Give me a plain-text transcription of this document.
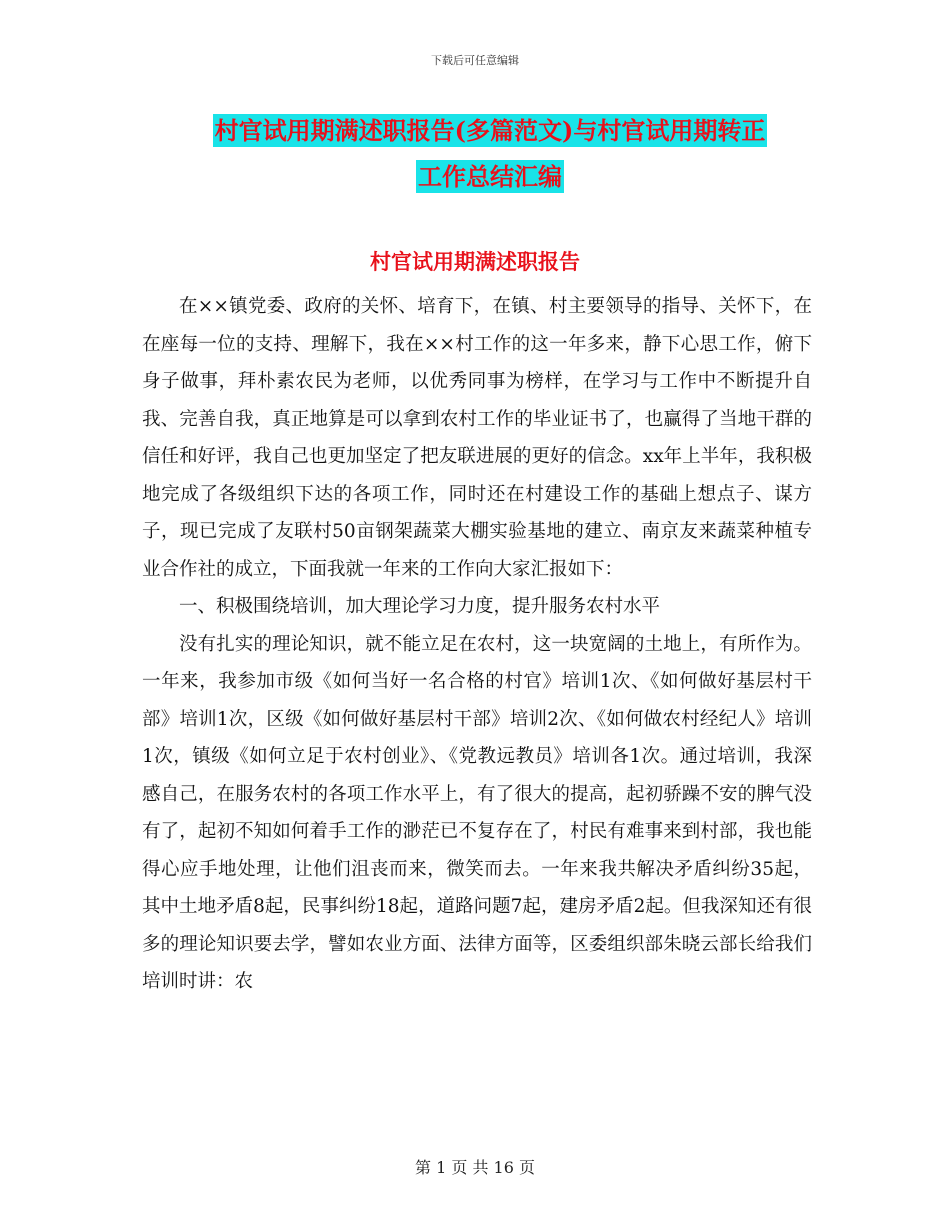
下载后可任意编辑
村官试用期满述职报告(多篇范文)与村官试用期转正
工作总结汇编
村官试用期满述职报告

在××镇党委、政府的关怀、培育下，在镇、村主要领导的指导、关怀下，在在座每一位的支持、理解下，我在××村工作的这一年多来，静下心思工作，俯下身子做事，拜朴素农民为老师，以优秀同事为榜样，在学习与工作中不断提升自我、完善自我，真正地算是可以拿到农村工作的毕业证书了，也赢得了当地干群的信任和好评，我自己也更加坚定了把友联进展的更好的信念。xx年上半年，我积极地完成了各级组织下达的各项工作，同时还在村建设工作的基础上想点子、谋方子，现已完成了友联村50亩钢架蔬菜大棚实验基地的建立、南京友来蔬菜种植专业合作社的成立，下面我就一年来的工作向大家汇报如下：

一、积极围绕培训，加大理论学习力度，提升服务农村水平

没有扎实的理论知识，就不能立足在农村，这一块宽阔的土地上，有所作为。一年来，我参加市级《如何当好一名合格的村官》培训1次、《如何做好基层村干部》培训1次，区级《如何做好基层村干部》培训2次、《如何做农村经纪人》培训1次，镇级《如何立足于农村创业》、《党教远教员》培训各1次。通过培训，我深感自己，在服务农村的各项工作水平上，有了很大的提高，起初骄躁不安的脾气没有了，起初不知如何着手工作的渺茫已不复存在了，村民有难事来到村部，我也能得心应手地处理，让他们沮丧而来，微笑而去。一年来我共解决矛盾纠纷35起，其中土地矛盾8起，民事纠纷18起，道路问题7起，建房矛盾2起。但我深知还有很多的理论知识要去学，譬如农业方面、法律方面等，区委组织部朱晓云部长给我们培训时讲：农

第 1 页 共 16 页
